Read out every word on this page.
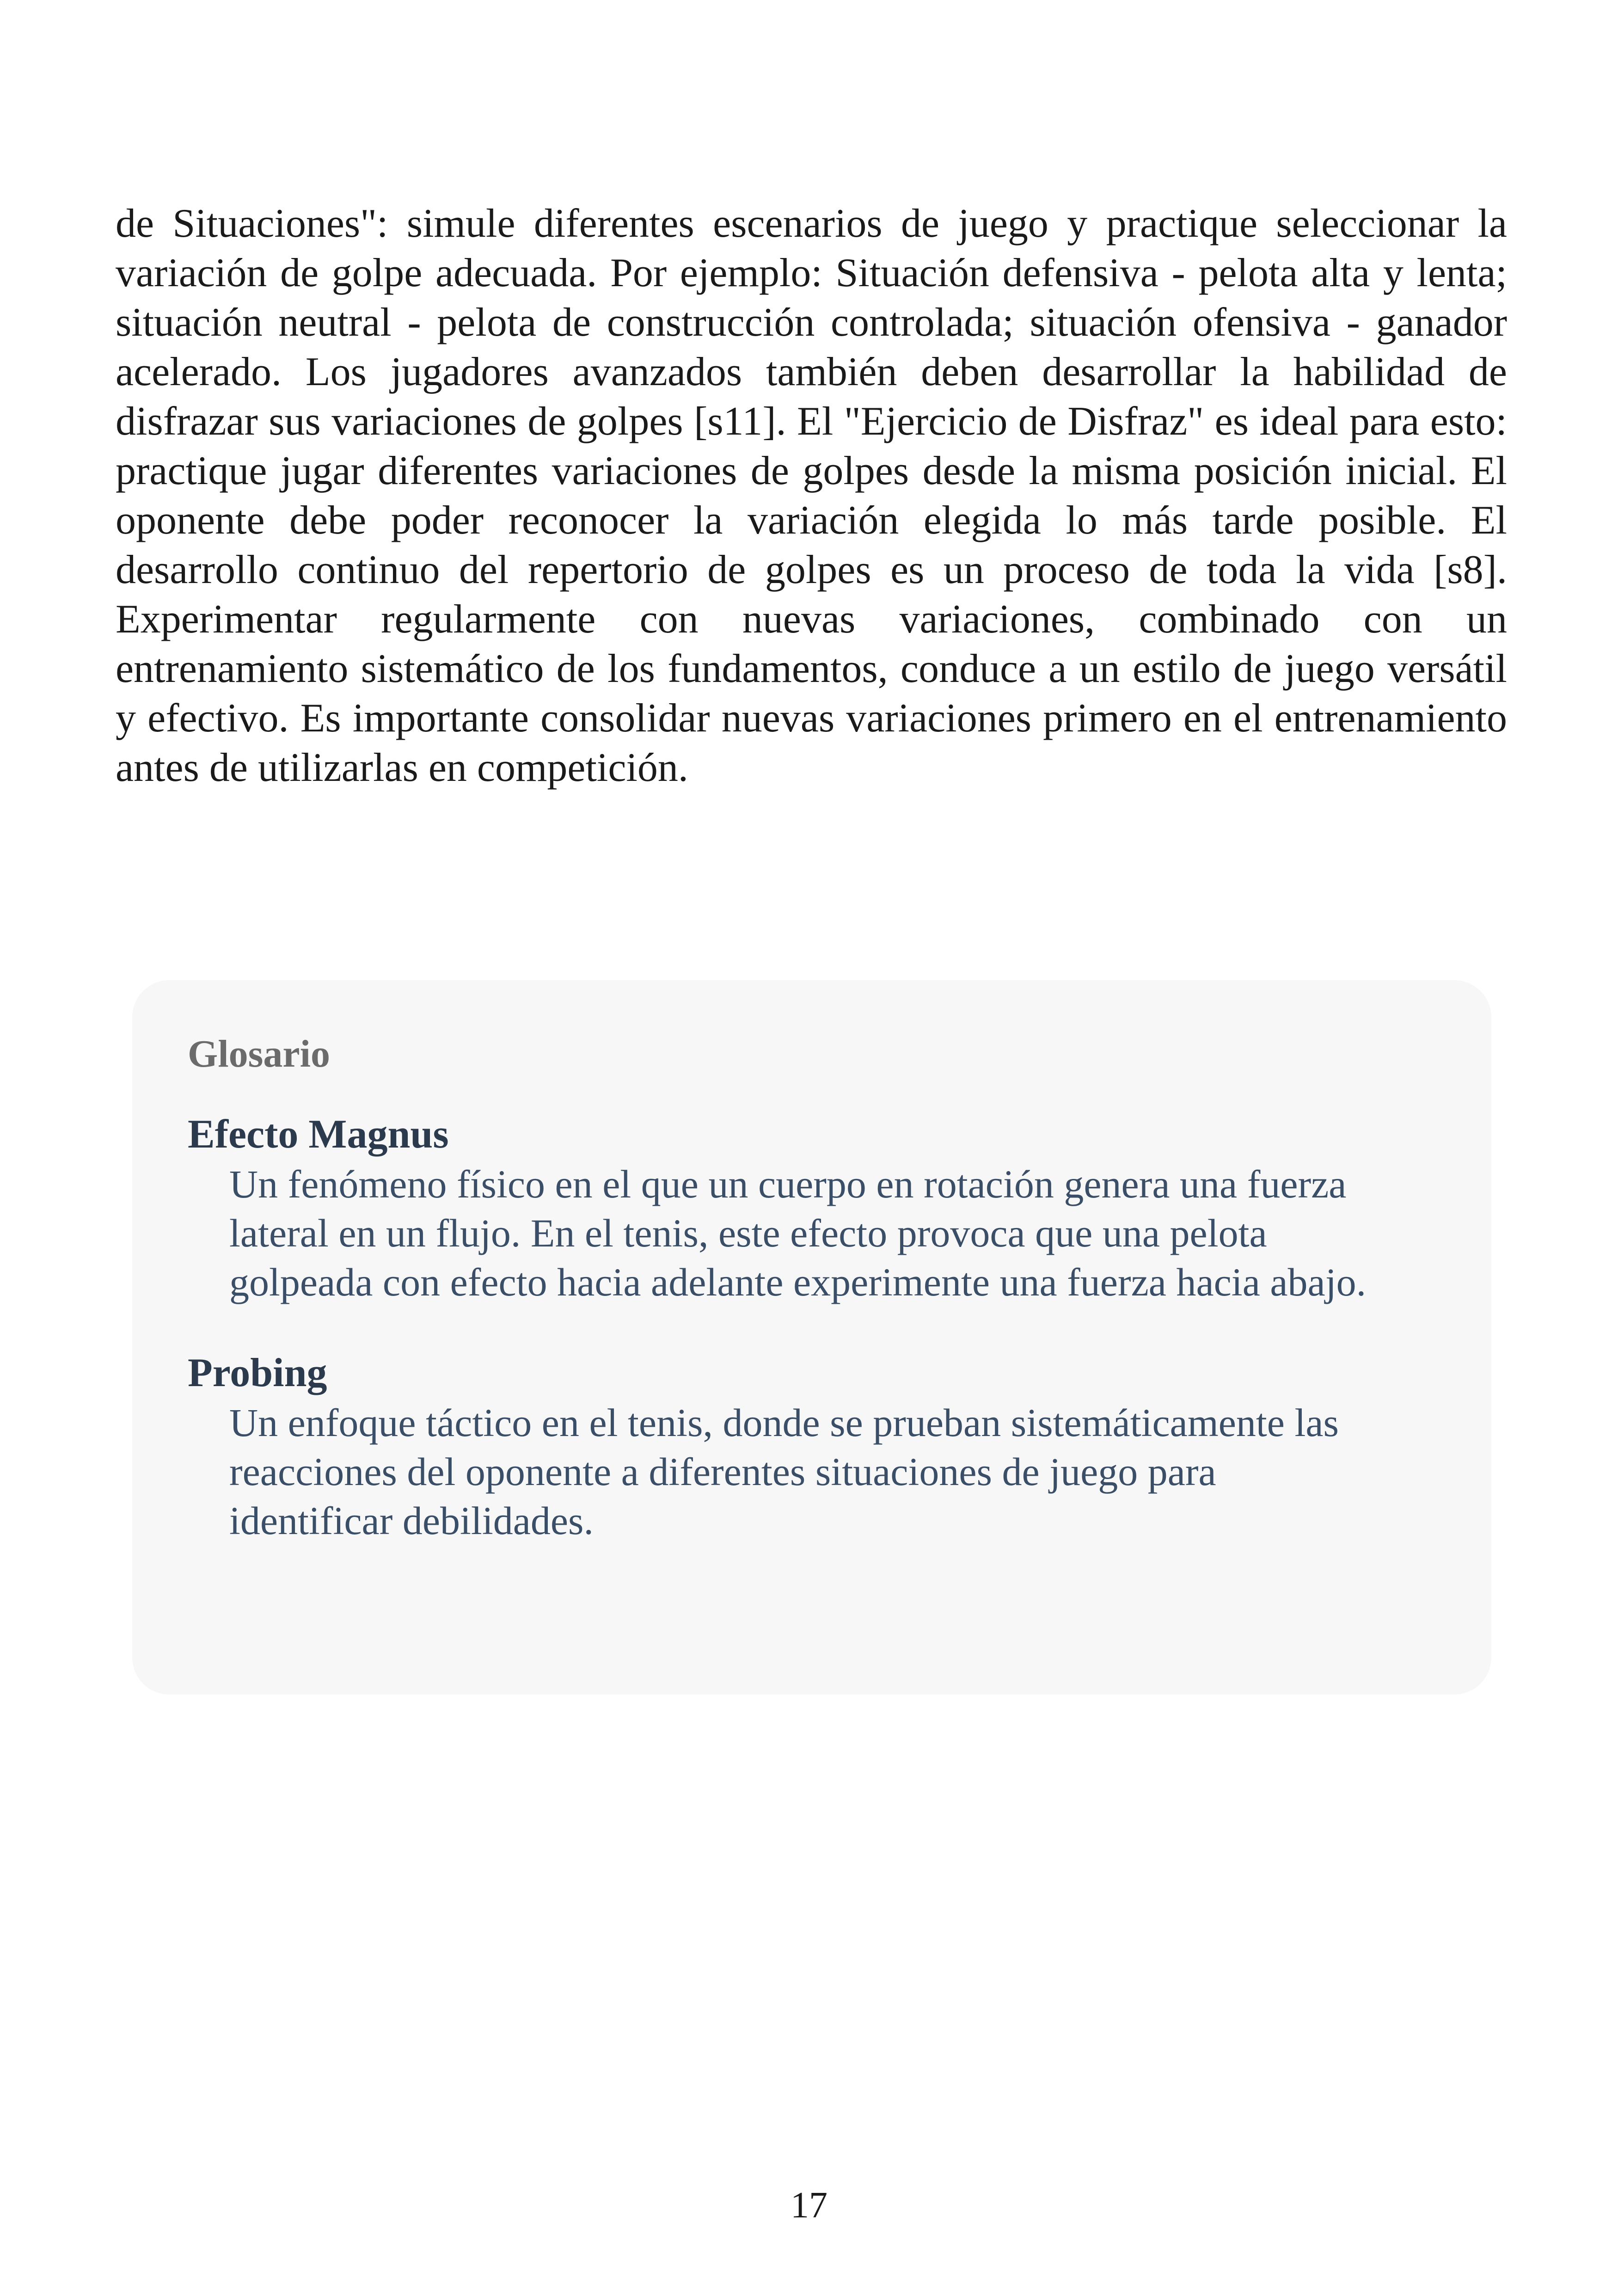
de Situaciones": simule diferentes escenarios de juego y practique seleccionar la variación de golpe adecuada. Por ejemplo: Situación defensiva - pelota alta y lenta; situación neutral - pelota de construcción controlada; situación ofensiva - ganador acelerado. Los jugadores avanzados también deben desarrollar la habilidad de disfrazar sus variaciones de golpes [s11]. El "Ejercicio de Disfraz" es ideal para esto: practique jugar diferentes variaciones de golpes desde la misma posición inicial. El oponente debe poder reconocer la variación elegida lo más tarde posible. El desarrollo continuo del repertorio de golpes es un proceso de toda la vida [s8]. Experimentar regularmente con nuevas variaciones, combinado con un entrenamiento sistemático de los fundamentos, conduce a un estilo de juego versátil y efectivo. Es importante consolidar nuevas variaciones primero en el entrenamiento antes de utilizarlas en competición.

Glosario

Efecto Magnus

Un fenómeno físico en el que un cuerpo en rotación genera una fuerza lateral en un flujo. En el tenis, este efecto provoca que una pelota golpeada con efecto hacia adelante experimente una fuerza hacia abajo.

Probing

Un enfoque táctico en el tenis, donde se prueban sistemáticamente las reacciones del oponente a diferentes situaciones de juego para identificar debilidades.

17
